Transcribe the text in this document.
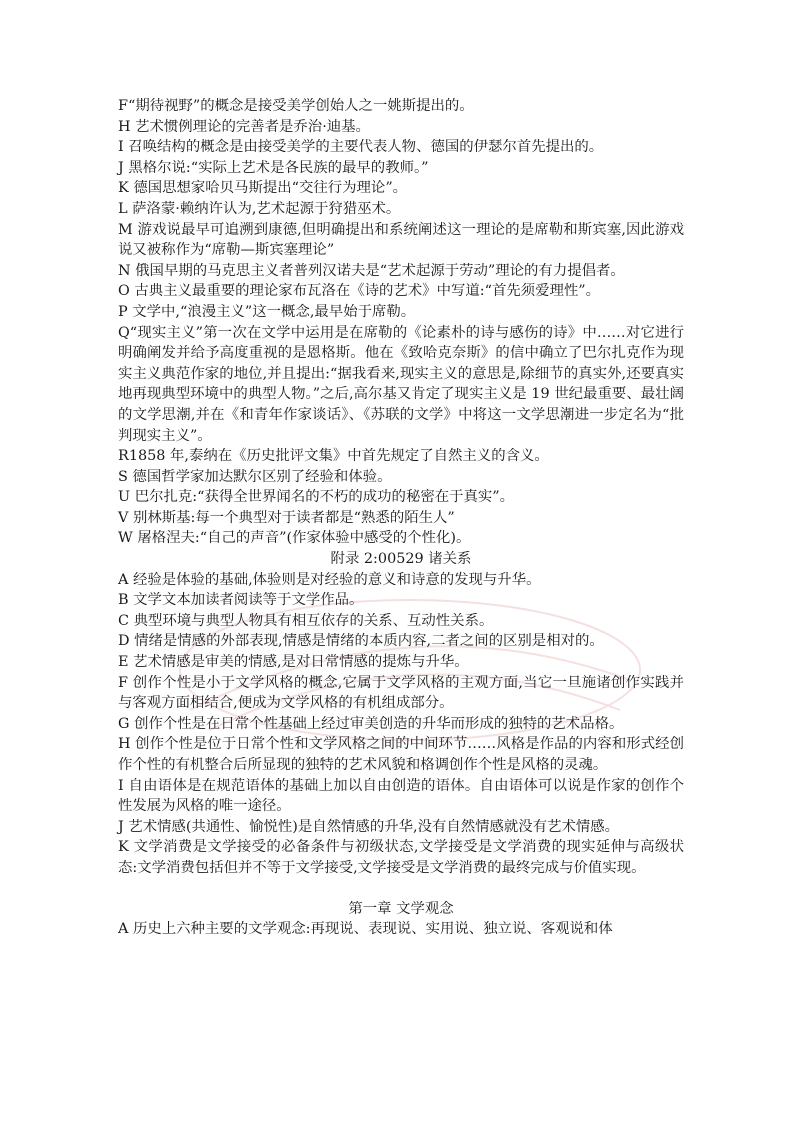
F“期待视野”的概念是接受美学创始人之一姚斯提出的。

H 艺术惯例理论的完善者是乔治·迪基。

I 召唤结构的概念是由接受美学的主要代表人物、德国的伊瑟尔首先提出的。

J 黑格尔说:“实际上艺术是各民族的最早的教师。”

K 德国思想家哈贝马斯提出“交往行为理论”。

L 萨洛蒙·赖纳许认为,艺术起源于狩猎巫术。

M 游戏说最早可追溯到康德,但明确提出和系统阐述这一理论的是席勒和斯宾塞,因此游戏说又被称作为“席勒—斯宾塞理论”

N 俄国早期的马克思主义者普列汉诺夫是“艺术起源于劳动”理论的有力提倡者。

O 古典主义最重要的理论家布瓦洛在《诗的艺术》中写道:“首先须爱理性”。

P 文学中,“浪漫主义”这一概念,最早始于席勒。

Q“现实主义”第一次在文学中运用是在席勒的《论素朴的诗与感伤的诗》中……对它进行明确阐发并给予高度重视的是恩格斯。他在《致哈克奈斯》的信中确立了巴尔扎克作为现实主义典范作家的地位,并且提出:“据我看来,现实主义的意思是,除细节的真实外,还要真实地再现典型环境中的典型人物。”之后,高尔基又肯定了现实主义是 19 世纪最重要、最壮阔的文学思潮,并在《和青年作家谈话》、《苏联的文学》中将这一文学思潮进一步定名为“批判现实主义”。

R1858 年,泰纳在《历史批评文集》中首先规定了自然主义的含义。

S 德国哲学家加达默尔区别了经验和体验。

U 巴尔扎克:“获得全世界闻名的不朽的成功的秘密在于真实”。

V 别林斯基:每一个典型对于读者都是“熟悉的陌生人”

W 屠格涅夫:“自己的声音”(作家体验中感受的个性化)。

附录 2:00529 诸关系

A 经验是体验的基础,体验则是对经验的意义和诗意的发现与升华。

B 文学文本加读者阅读等于文学作品。

C 典型环境与典型人物具有相互依存的关系、互动性关系。

D 情绪是情感的外部表现,情感是情绪的本质内容,二者之间的区别是相对的。

E 艺术情感是审美的情感,是对日常情感的提炼与升华。

F 创作个性是小于文学风格的概念,它属于文学风格的主观方面,当它一旦施诸创作实践并与客观方面相结合,便成为文学风格的有机组成部分。

G 创作个性是在日常个性基础上经过审美创造的升华而形成的独特的艺术品格。

H 创作个性是位于日常个性和文学风格之间的中间环节……风格是作品的内容和形式经创作个性的有机整合后所显现的独特的艺术风貌和格调创作个性是风格的灵魂。

I 自由语体是在规范语体的基础上加以自由创造的语体。自由语体可以说是作家的创作个性发展为风格的唯一途径。

J 艺术情感(共通性、愉悦性)是自然情感的升华,没有自然情感就没有艺术情感。

K 文学消费是文学接受的必备条件与初级状态,文学接受是文学消费的现实延伸与高级状态:文学消费包括但并不等于文学接受,文学接受是文学消费的最终完成与价值实现。

第一章 文学观念

A 历史上六种主要的文学观念:再现说、表现说、实用说、独立说、客观说和体
